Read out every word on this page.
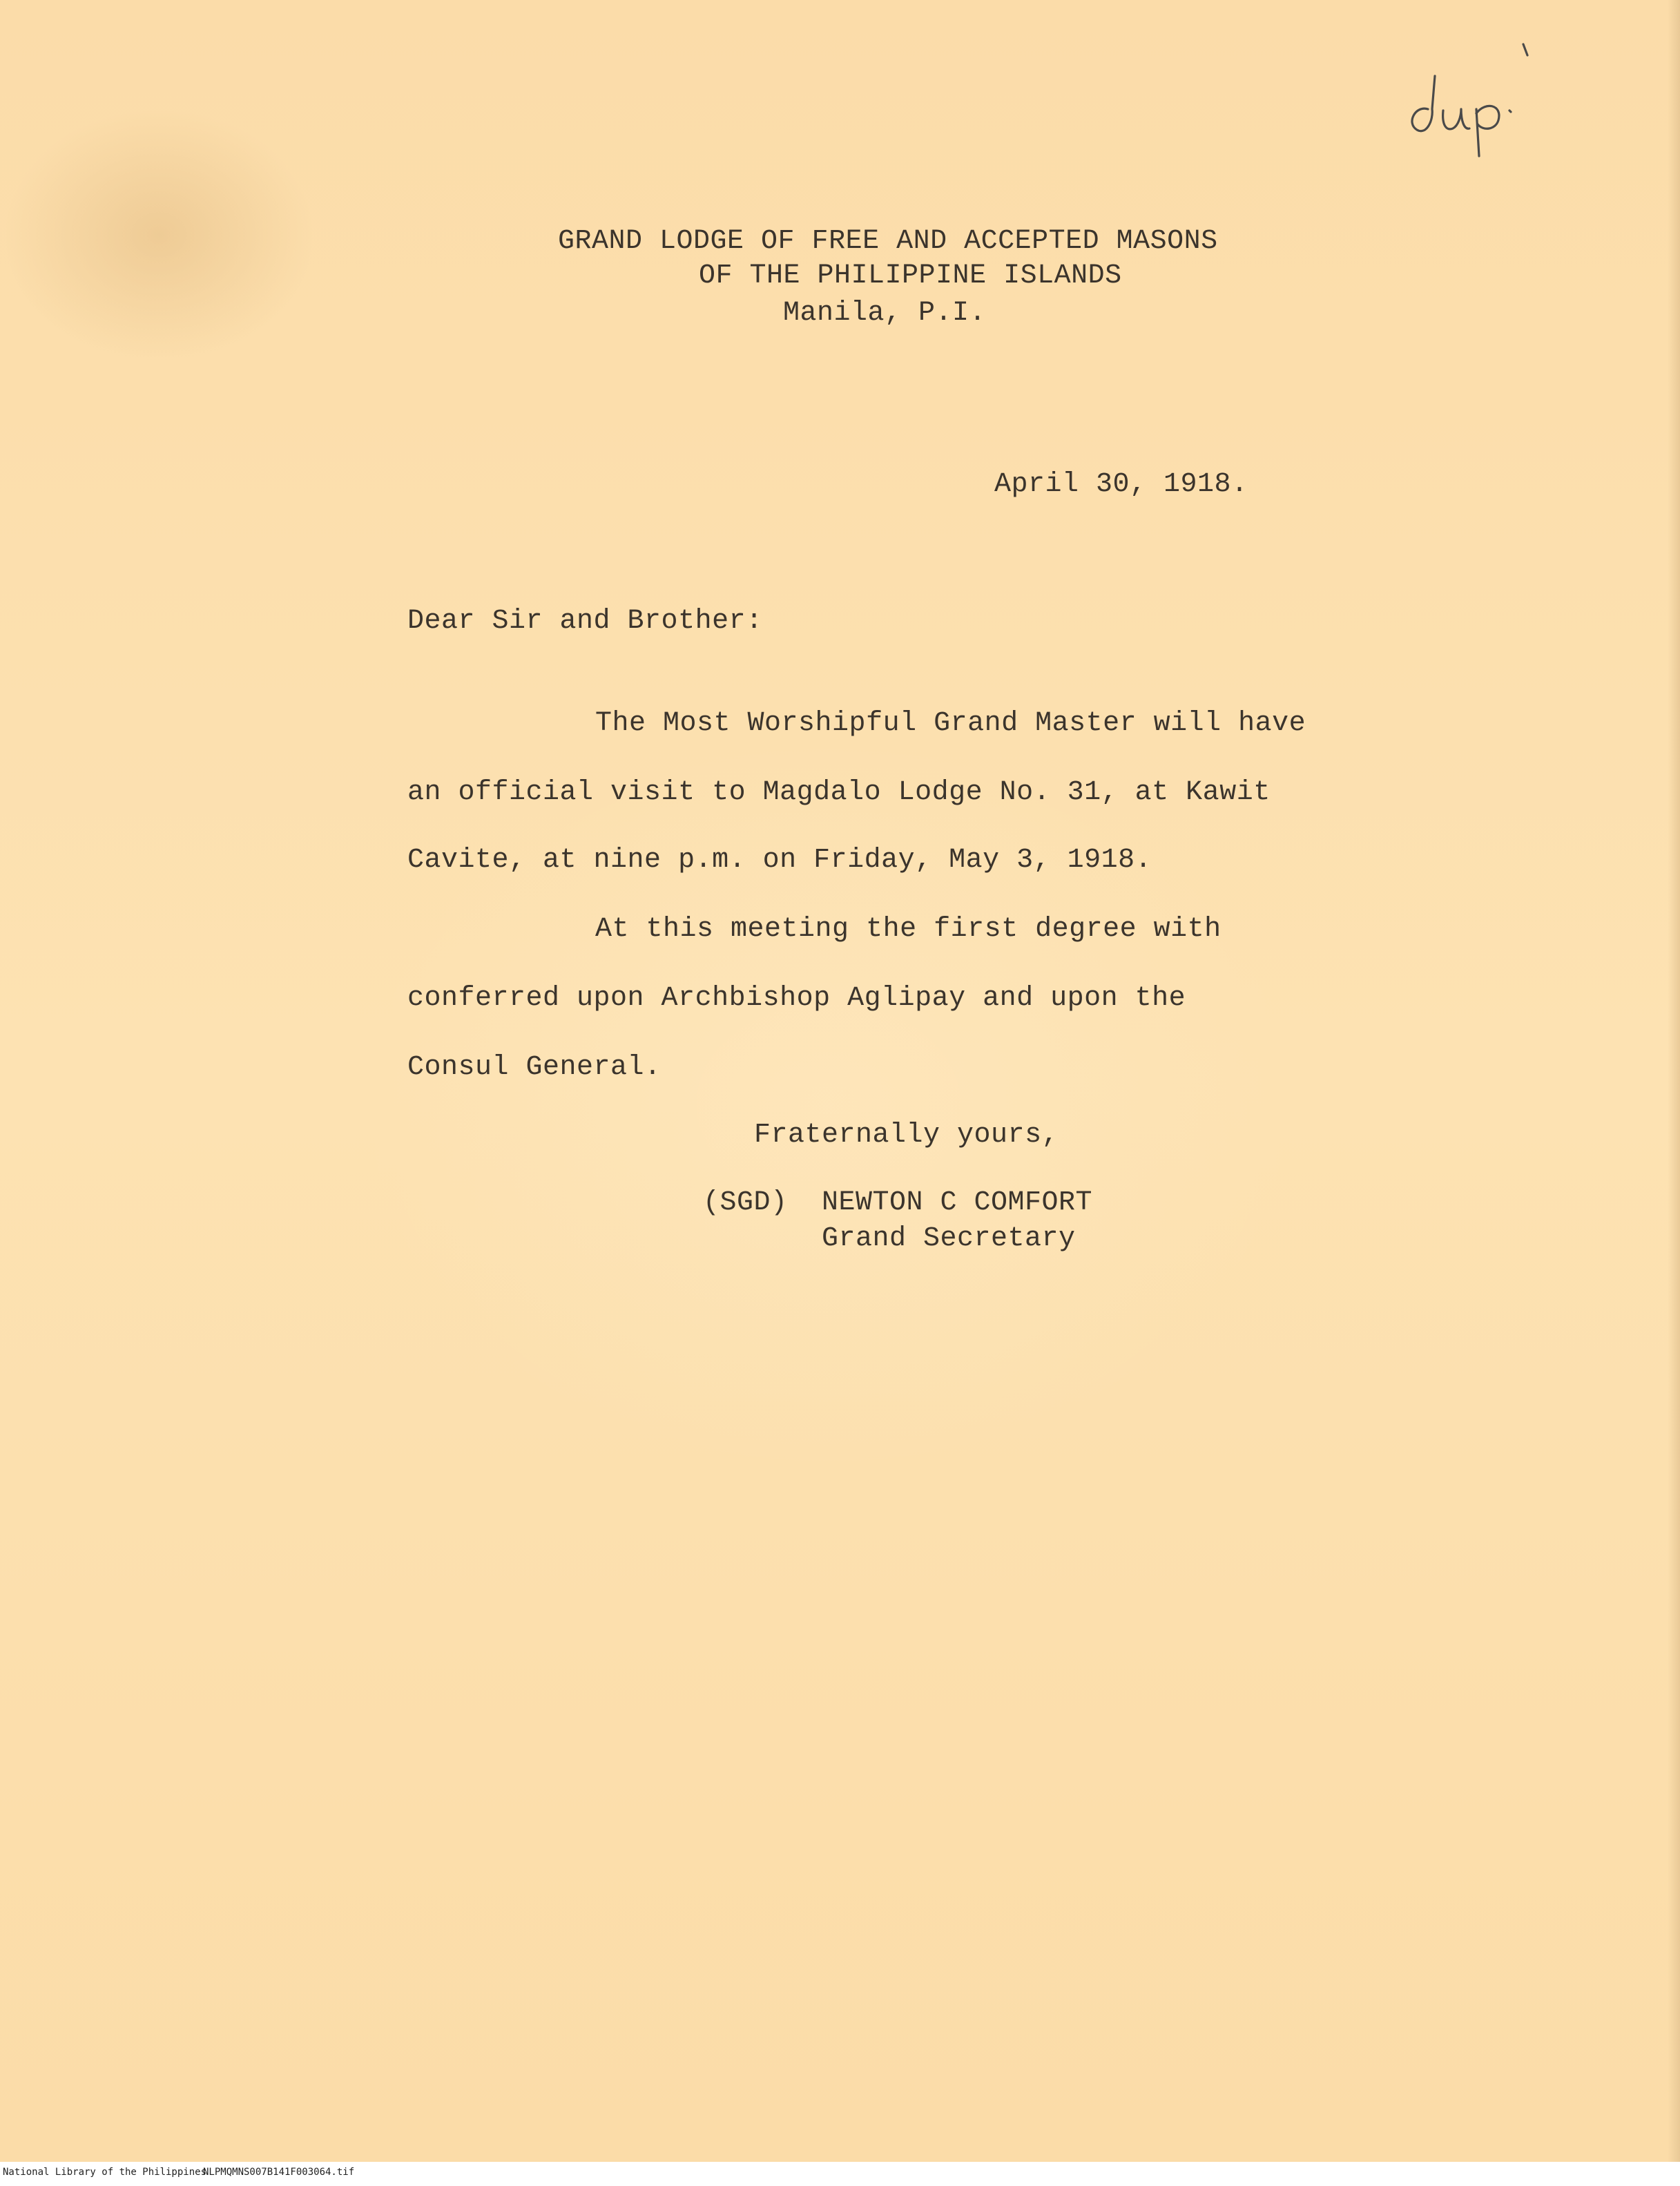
GRAND LODGE OF FREE AND ACCEPTED MASONS
OF THE PHILIPPINE ISLANDS
Manila, P.I.
April 30, 1918.
Dear Sir and Brother:
The Most Worshipful Grand Master will have
an official visit to Magdalo Lodge No. 31, at Kawit
Cavite, at nine p.m. on Friday, May 3, 1918.
At this meeting the first degree with
conferred upon Archbishop Aglipay and upon the
Consul General.
Fraternally yours,
(SGD) NEWTON C COMFORT
Grand Secretary
National Library of the Philippines
NLPMQMNS007B141F003064.tif
